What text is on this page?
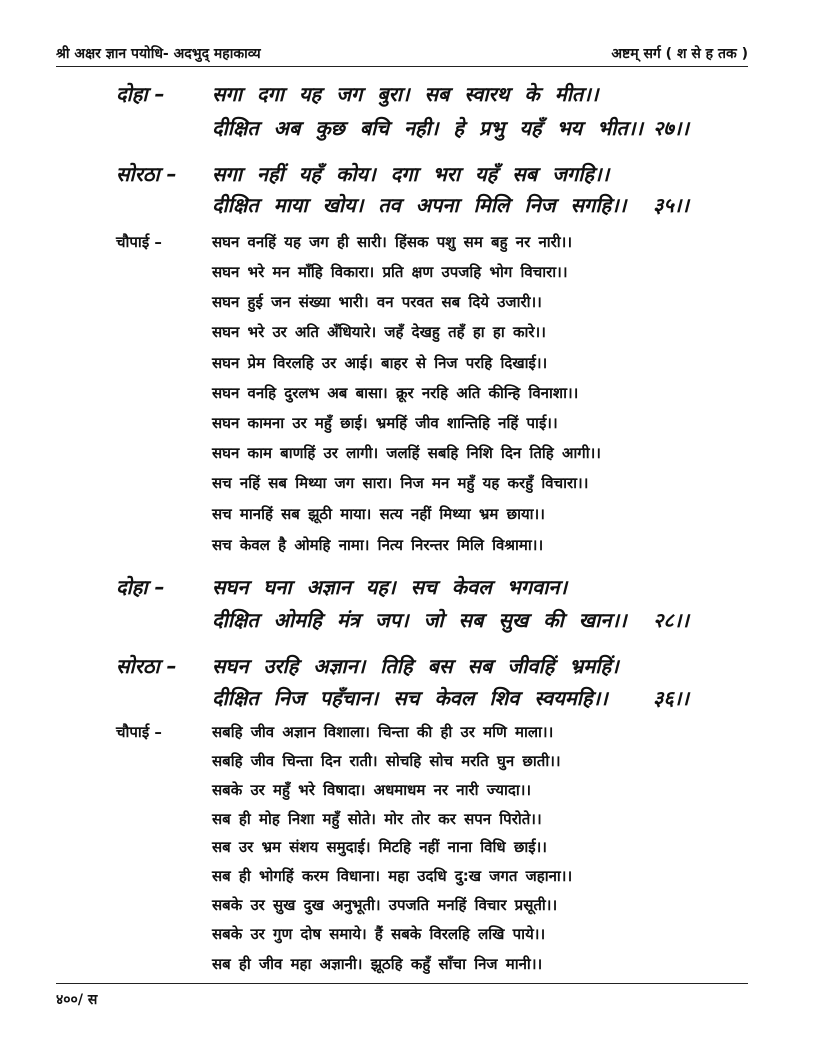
श्री अक्षर ज्ञान पयोधि- अदभुद् महाकाव्य	अष्टम् सर्ग ( श से ह तक )
दोहा – सगा दगा यह जग बुरा। सब स्वारथ के मीत।।
दीक्षित अब कुछ बचि नही। हे प्रभु यहँ भय भीत।। २७।।
सोरठा – सगा नहीं यहँ कोय। दगा भरा यहँ सब जगहि।।
दीक्षित माया खोय। तव अपना मिलि निज सगहि।। ३५।।
चौपाई –	सघन वनहिं यह जग ही सारी। हिंसक पशु सम बहु नर नारी।।
सघन भरे मन माँहि विकारा। प्रति क्षण उपजहि भोग विचारा।।
सघन हुई जन संख्या भारी। वन परवत सब दिये उजारी।।
सघन भरे उर अति अँधियारे। जहँ देखहु तहँ हा हा कारे।।
सघन प्रेम विरलहि उर आई। बाहर से निज परहि दिखाई।।
सघन वनहि दुरलभ अब बासा। क्रूर नरहि अति कीन्हि विनाशा।।
सघन कामना उर महुँ छाई। भ्रमहिं जीव शान्तिहि नहिं पाई।।
सघन काम बाणहिं उर लागी। जलहिं सबहि निशि दिन तिहि आगी।।
सच नहिं सब मिथ्या जग सारा। निज मन महुँ यह करहुँ विचारा।।
सच मानहिं सब झूठी माया। सत्य नहीं मिथ्या भ्रम छाया।।
सच केवल है ओमहि नामा। नित्य निरन्तर मिलि विश्रामा।।
दोहा – सघन घना अज्ञान यह। सच केवल भगवान।
दीक्षित ओमहि मंत्र जप। जो सब सुख की खान।। २८।।
सोरठा – सघन उरहि अज्ञान। तिहि बस सब जीवहिं भ्रमहिं।
दीक्षित निज पहँचान। सच केवल शिव स्वयमहि।। ३६।।
चौपाई –	सबहि जीव अज्ञान विशाला। चिन्ता की ही उर मणि माला।।
सबहि जीव चिन्ता दिन राती। सोचहि सोच मरति घुन छाती।।
सबके उर महुँ भरे विषादा। अधमाधम नर नारी ज्यादा।।
सब ही मोह निशा महुँ सोते। मोर तोर कर सपन पिरोते।।
सब उर भ्रम संशय समुदाई। मिटहि नहीं नाना विधि छाई।।
सब ही भोगहिं करम विधाना। महा उदधि दु:ख जगत जहाना।।
सबके उर सुख दुख अनुभूती। उपजति मनहिं विचार प्रसूती।।
सबके उर गुण दोष समाये। हैं सबके विरलहि लखि पाये।।
सब ही जीव महा अज्ञानी। झूठहि कहुँ साँचा निज मानी।।
४००/ स
